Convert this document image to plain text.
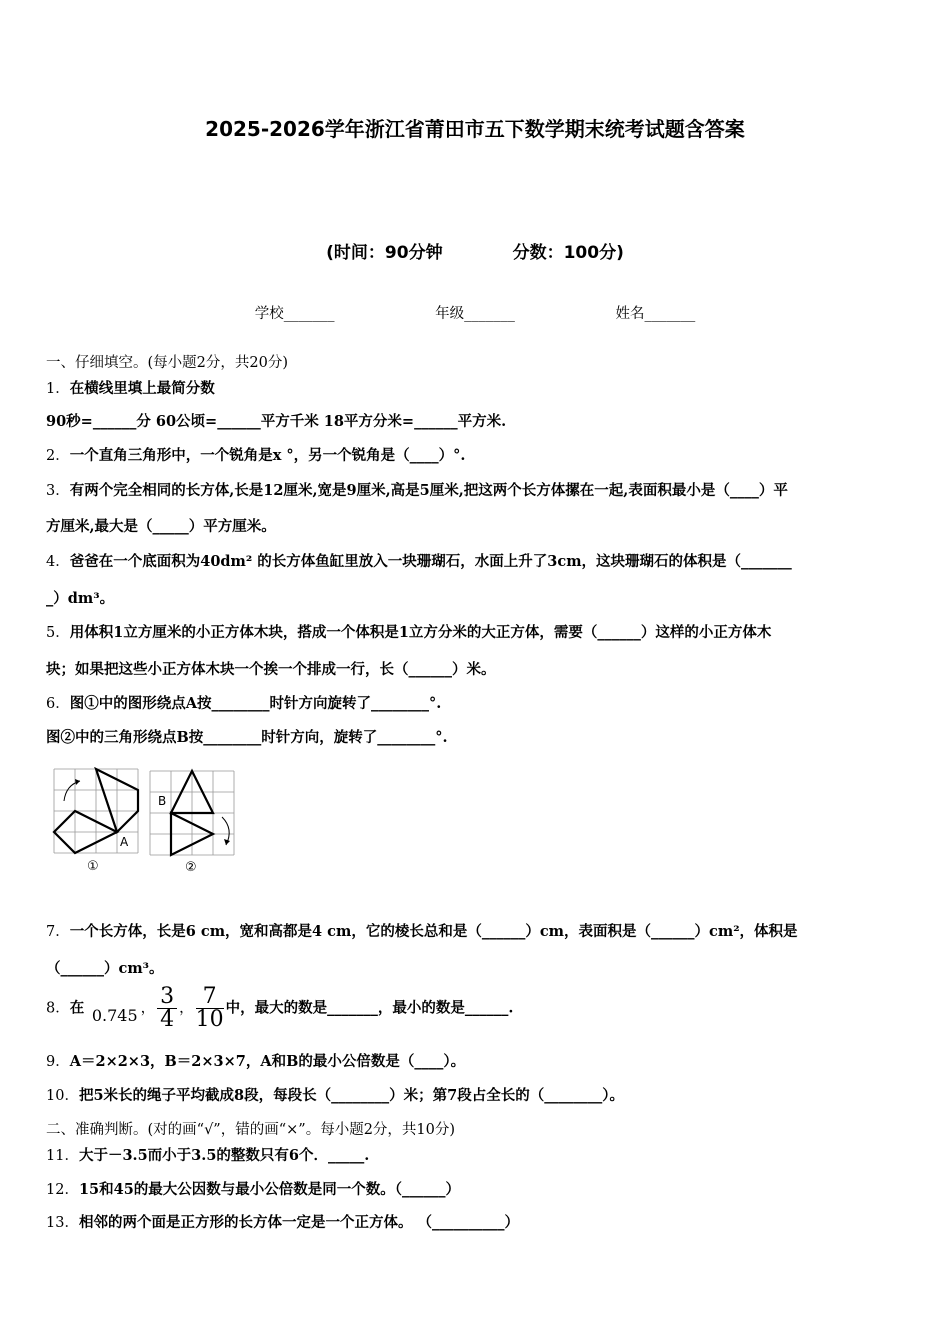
2025-2026学年浙江省莆田市五下数学期末统考试题含答案
(时间：90分钟	分数：100分)
学校_______	年级_______	姓名_______
一、仔细填空。(每小题2分，共20分)
1．在横线里填上最简分数
90秒=______分 60公顷=______平方千米 18平方分米=______平方米.
2．一个直角三角形中，一个锐角是x °，另一个锐角是（____）°.
3．有两个完全相同的长方体,长是12厘米,宽是9厘米,高是5厘米,把这两个长方体摞在一起,表面积最小是（____）平
方厘米,最大是（_____）平方厘米。
4．爸爸在一个底面积为40dm² 的长方体鱼缸里放入一块珊瑚石，水面上升了3cm，这块珊瑚石的体积是（_______
_）dm³。
5．用体积1立方厘米的小正方体木块，搭成一个体积是1立方分米的大正方体，需要（______）这样的小正方体木
块；如果把这些小正方体木块一个挨一个排成一行，长（______）米。
6．图①中的图形绕点A按________时针方向旋转了________°.
图②中的三角形绕点B按________时针方向，旋转了________°.
A
①
B
②
7．一个长方体，长是6 cm，宽和高都是4 cm，它的棱长总和是（______）cm，表面积是（______）cm²，体积是
（______）cm³。
8．在 0.745 ， $\frac{3}{4}$ ， $\frac{7}{10}$ 中，最大的数是_______，最小的数是______.
9．A＝2×2×3，B＝2×3×7，A和B的最小公倍数是（____）。
10．把5米长的绳子平均截成8段，每段长（________）米；第7段占全长的（________）。
二、准确判断。(对的画“√”，错的画“×”。每小题2分，共10分)
11．大于－3.5而小于3.5的整数只有6个．_____.
12．15和45的最大公因数与最小公倍数是同一个数。（______）
13．相邻的两个面是正方形的长方体一定是一个正方体。 （__________）
